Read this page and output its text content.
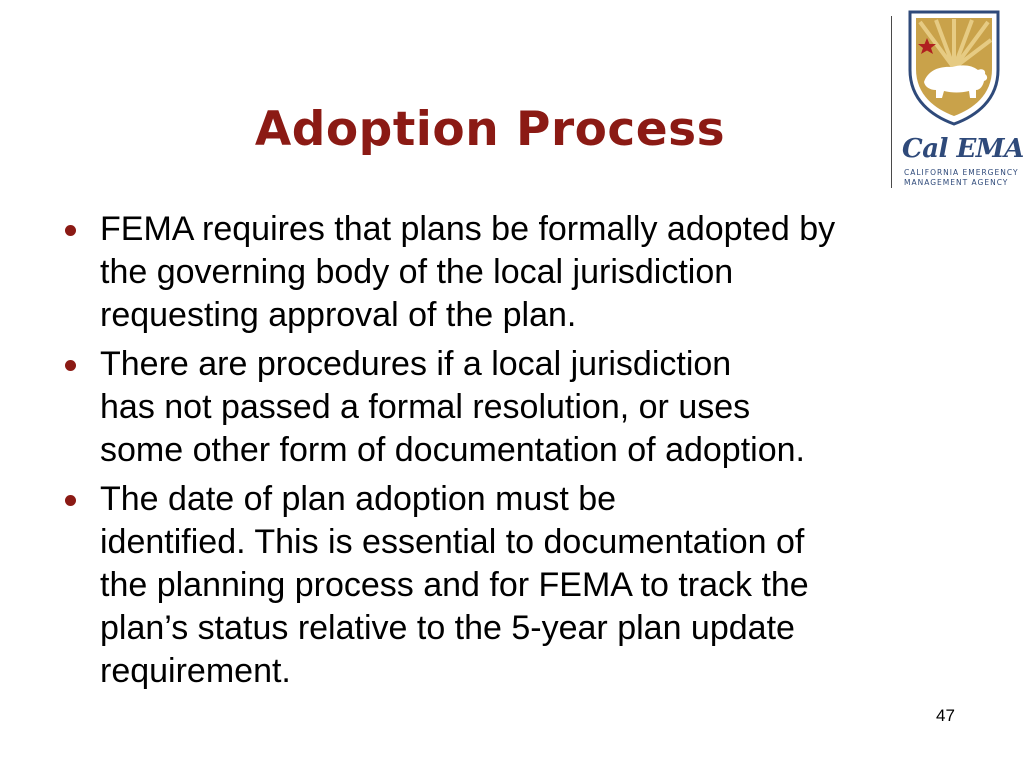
Adoption Process	Cal EMA
CALIFORNIA EMERGENCY
MANAGEMENT AGENCY
FEMA requires that plans be formally adopted by
the governing body of the local jurisdiction
requesting approval of the plan.
There are procedures if a local jurisdiction
has not passed a formal resolution, or uses
some other form of documentation of adoption.
The date of plan adoption must be
identified. This is essential to documentation of
the planning process and for FEMA to track the
plan’s status relative to the 5-year plan update
requirement.
47
